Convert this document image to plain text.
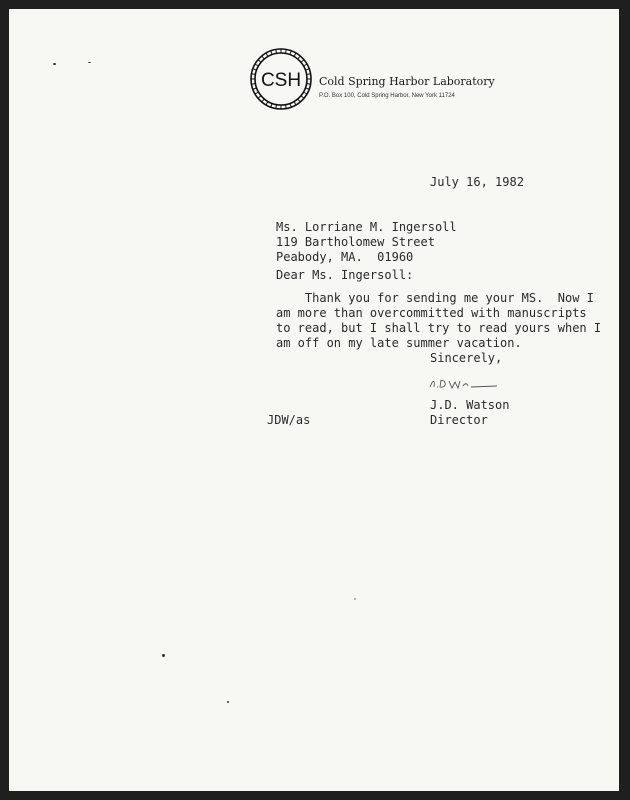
CSH Cold Spring Harbor Laboratory
P.O. Box 100, Cold Spring Harbor, New York 11724
July 16, 1982
Ms. Lorriane M. Ingersoll
119 Bartholomew Street
Peabody, MA.  01960
Dear Ms. Ingersoll:
Thank you for sending me your MS.  Now I
am more than overcommitted with manuscripts
to read, but I shall try to read yours when I
am off on my late summer vacation.
Sincerely,
J.D. Watson
JDW/as	Director
